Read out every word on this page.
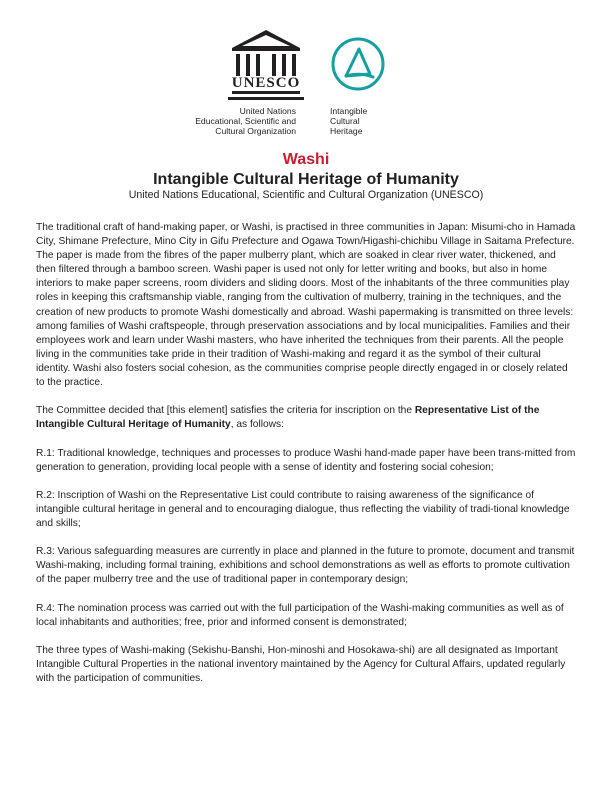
UNESCO
United Nations
Educational, Scientific and
Cultural Organization
Intangible
Cultural
Heritage
Washi
Intangible Cultural Heritage of Humanity
United Nations Educational, Scientific and Cultural Organization (UNESCO)

The traditional craft of hand-making paper, or Washi, is practised in three communities in Japan: Misumi-cho in Hamada City, Shimane Prefecture, Mino City in Gifu Prefecture and Ogawa Town/Higashi-chichibu Village in Saitama Prefecture. The paper is made from the fibres of the paper mulberry plant, which are soaked in clear river water, thickened, and then filtered through a bamboo screen. Washi paper is used not only for letter writing and books, but also in home interiors to make paper screens, room dividers and sliding doors. Most of the inhabitants of the three communities play roles in keeping this craftsmanship viable, ranging from the cultivation of mulberry, training in the techniques, and the creation of new products to promote Washi domestically and abroad. Washi papermaking is transmitted on three levels: among families of Washi craftspeople, through preservation associations and by local municipalities. Families and their employees work and learn under Washi masters, who have inherited the techniques from their parents. All the people living in the communities take pride in their tradition of Washi-making and regard it as the symbol of their cultural identity. Washi also fosters social cohesion, as the communities comprise people directly engaged in or closely related to the practice.

The Committee decided that [this element] satisfies the criteria for inscription on the Representative List of the Intangible Cultural Heritage of Humanity, as follows:

R.1: Traditional knowledge, techniques and processes to produce Washi hand-made paper have been trans-mitted from generation to generation, providing local people with a sense of identity and fostering social cohesion;

R.2: Inscription of Washi on the Representative List could contribute to raising awareness of the significance of intangible cultural heritage in general and to encouraging dialogue, thus reflecting the viability of tradi-tional knowledge and skills;

R.3: Various safeguarding measures are currently in place and planned in the future to promote, document and transmit Washi-making, including formal training, exhibitions and school demonstrations as well as efforts to promote cultivation of the paper mulberry tree and the use of traditional paper in contemporary design;

R.4: The nomination process was carried out with the full participation of the Washi-making communities as well as of local inhabitants and authorities; free, prior and informed consent is demonstrated;

The three types of Washi-making (Sekishu-Banshi, Hon-minoshi and Hosokawa-shi) are all designated as Important Intangible Cultural Properties in the national inventory maintained by the Agency for Cultural Affairs, updated regularly with the participation of communities.
